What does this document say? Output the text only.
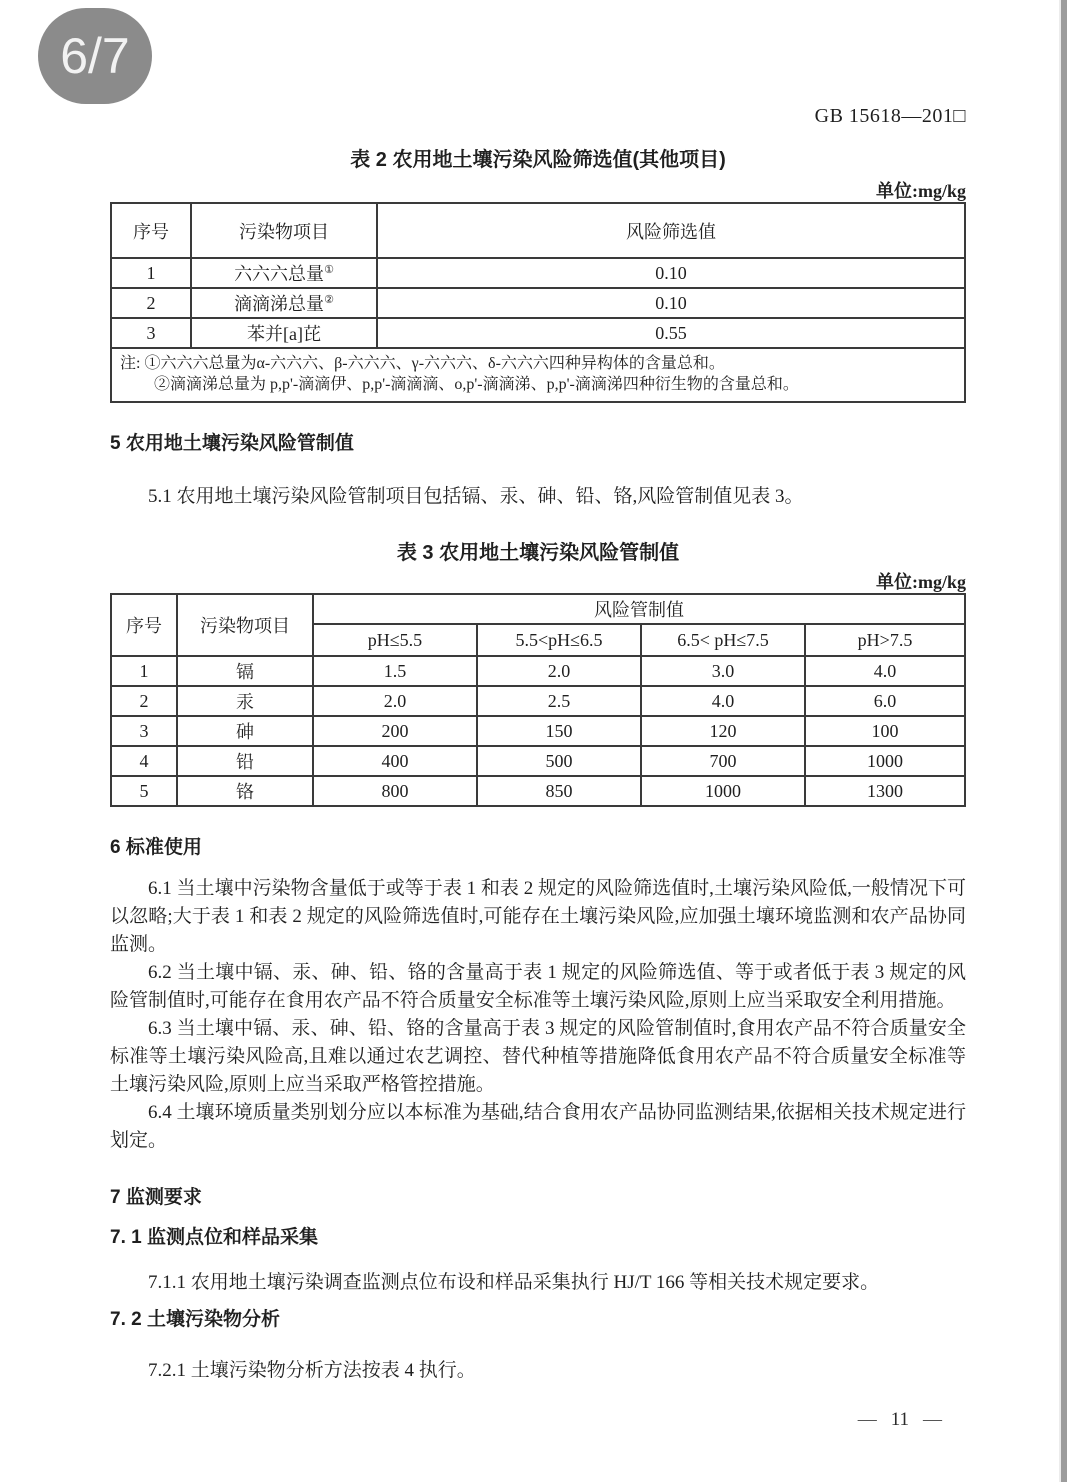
6/7
GB 15618—201□
表 2 农用地土壤污染风险筛选值(其他项目)
单位:mg/kg
序号	污染物项目	风险筛选值
1	六六六总量①	0.10
2	滴滴涕总量②	0.10
3	苯并[a]芘	0.55

注: ①六六六总量为α-六六六、β-六六六、γ-六六六、δ-六六六四种异构体的含量总和。
②滴滴涕总量为 p,p'-滴滴伊、p,p'-滴滴滴、o,p'-滴滴涕、p,p'-滴滴涕四种衍生物的含量总和。		
5 农用地土壤污染风险管制值
5.1 农用地土壤污染风险管制项目包括镉、汞、砷、铅、铬,风险管制值见表 3。
表 3 农用地土壤污染风险管制值
单位:mg/kg
序号	污染物项目	风险管制值			
		pH≤5.5	5.5<pH≤6.5	6.5< pH≤7.5	pH>7.5
1	镉	1.5	2.0	3.0	4.0
2	汞	2.0	2.5	4.0	6.0
3	砷	200	150	120	100
4	铅	400	500	700	1000
5	铬	800	850	1000	1300
6 标准使用
6.1 当土壤中污染物含量低于或等于表 1 和表 2 规定的风险筛选值时,土壤污染风险低,一般情况下可以忽略;大于表 1 和表 2 规定的风险筛选值时,可能存在土壤污染风险,应加强土壤环境监测和农产品协同监测。
6.2 当土壤中镉、汞、砷、铅、铬的含量高于表 1 规定的风险筛选值、等于或者低于表 3 规定的风险管制值时,可能存在食用农产品不符合质量安全标准等土壤污染风险,原则上应当采取安全利用措施。
6.3 当土壤中镉、汞、砷、铅、铬的含量高于表 3 规定的风险管制值时,食用农产品不符合质量安全标准等土壤污染风险高,且难以通过农艺调控、替代种植等措施降低食用农产品不符合质量安全标准等土壤污染风险,原则上应当采取严格管控措施。
6.4 土壤环境质量类别划分应以本标准为基础,结合食用农产品协同监测结果,依据相关技术规定进行划定。
7 监测要求
7. 1 监测点位和样品采集
7.1.1 农用地土壤污染调查监测点位布设和样品采集执行 HJ/T 166 等相关技术规定要求。
7. 2 土壤污染物分析
7.2.1 土壤污染物分析方法按表 4 执行。
— 11 —
